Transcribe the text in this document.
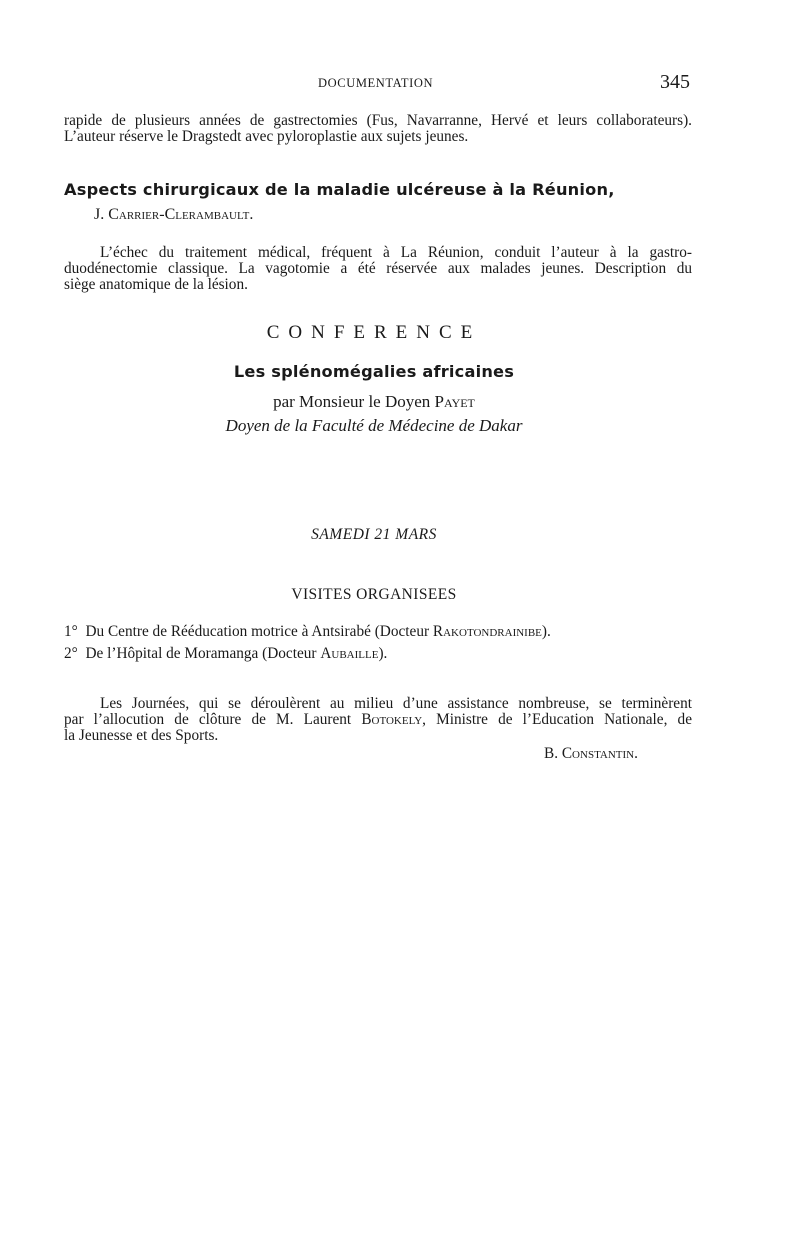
DOCUMENTATION	345
rapide de plusieurs années de gastrectomies (Fus, Navarranne, Hervé et leurs collaborateurs).
L’auteur réserve le Dragstedt avec pyloroplastie aux sujets jeunes.
Aspects chirurgicaux de la maladie ulcéreuse à la Réunion,
J. Carrier-Clerambault.
L’échec du traitement médical, fréquent à La Réunion, conduit l’auteur à la gastro-
duodénectomie classique. La vagotomie a été réservée aux malades jeunes. Description du
siège anatomique de la lésion.
CONFERENCE
Les splénomégalies africaines
par Monsieur le Doyen Payet
Doyen de la Faculté de Médecine de Dakar
SAMEDI 21 MARS
VISITES ORGANISEES
1° Du Centre de Rééducation motrice à Antsirabé (Docteur Rakotondrainibe).
2° De l’Hôpital de Moramanga (Docteur Aubaille).
Les Journées, qui se déroulèrent au milieu d’une assistance nombreuse, se terminèrent
par l’allocution de clôture de M. Laurent Botokely, Ministre de l’Education Nationale, de
la Jeunesse et des Sports.
B. Constantin.
